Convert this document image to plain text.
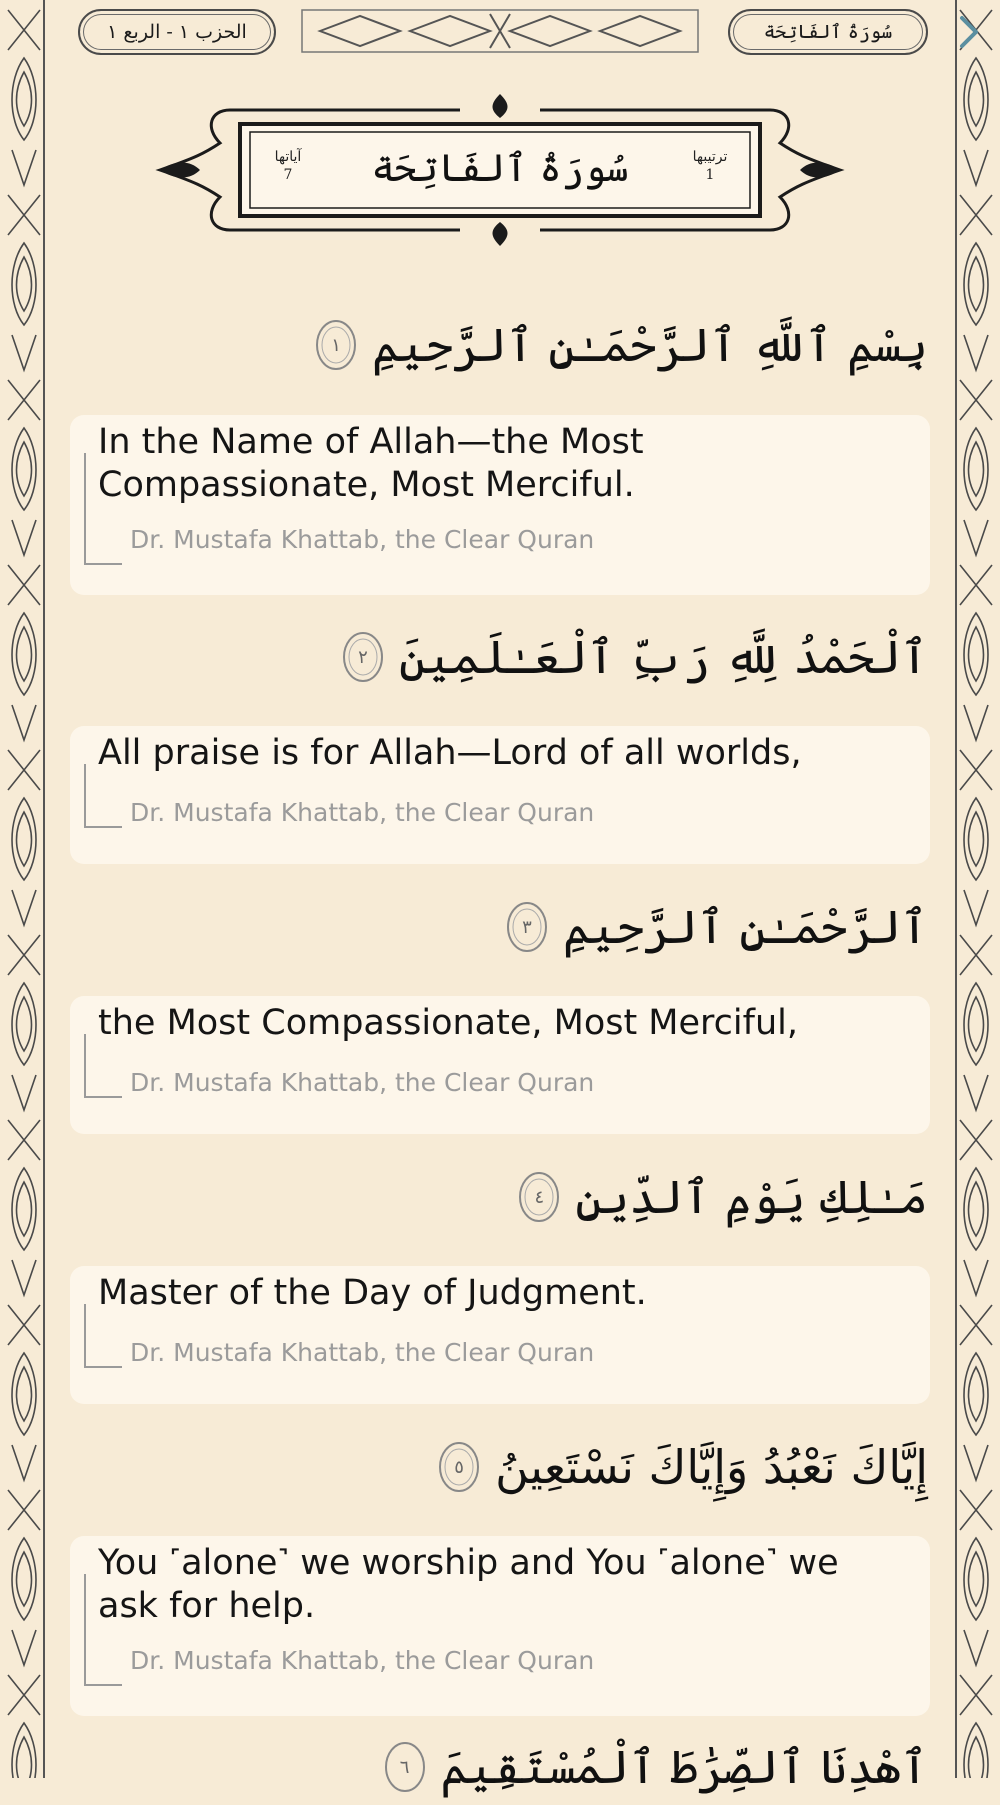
الحزب ١ - الربع ١	سُورَةُ ٱلفَاتِحَة
آياتها
7	سُورَةُ ٱلفَاتِحَة	ترتيبها
1
بِسْمِ ٱللَّهِ ٱلرَّحْمَـٰنِ ٱلرَّحِيمِ
١
In the Name of Allah—the Most Compassionate, Most Merciful.
Dr. Mustafa Khattab, the Clear Quran
ٱلْحَمْدُ لِلَّهِ رَبِّ ٱلْعَـٰلَمِينَ
٢
All praise is for Allah—Lord of all worlds,
Dr. Mustafa Khattab, the Clear Quran
ٱلرَّحْمَـٰنِ ٱلرَّحِيمِ
٣
the Most Compassionate, Most Merciful,
Dr. Mustafa Khattab, the Clear Quran
مَـٰلِكِ يَوْمِ ٱلدِّينِ
٤
Master of the Day of Judgment.
Dr. Mustafa Khattab, the Clear Quran
إِيَّاكَ نَعْبُدُ وَإِيَّاكَ نَسْتَعِينُ
٥
You ˹alone˺ we worship and You ˹alone˺ we ask for help.
Dr. Mustafa Khattab, the Clear Quran
ٱهْدِنَا ٱلصِّرَٰطَ ٱلْمُسْتَقِيمَ
٦
